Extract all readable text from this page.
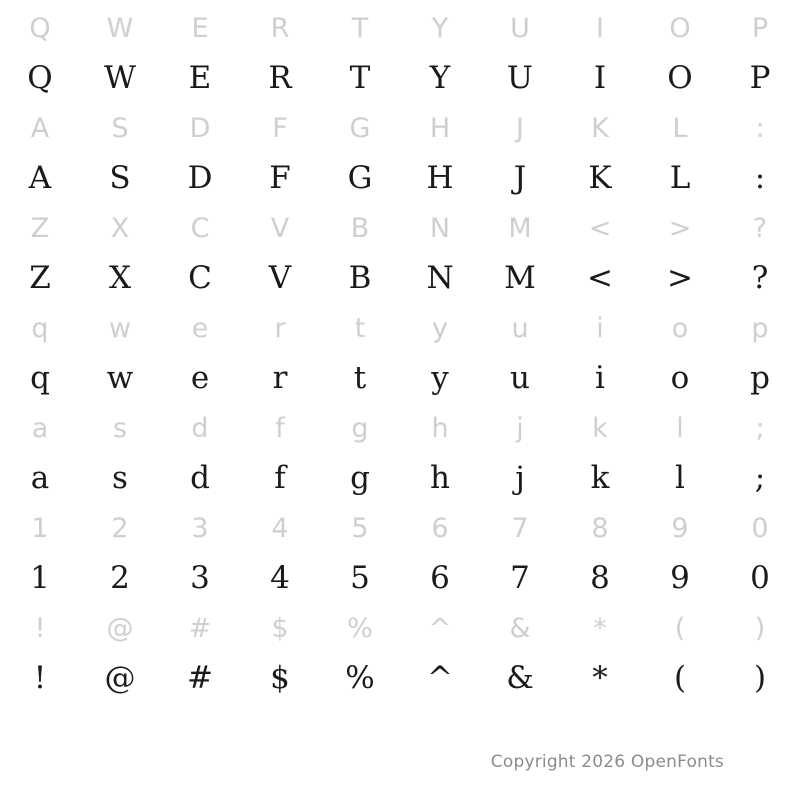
Q	W	E	R	T	Y	U	I	O	P
Q	W	E	R	T	Y	U	I	O	P
A	S	D	F	G	H	J	K	L	:
A	S	D	F	G	H	J	K	L	:
Z	X	C	V	B	N	M	<	>	?
Z	X	C	V	B	N	M	<	>	?
q	w	e	r	t	y	u	i	o	p
q	w	e	r	t	y	u	i	o	p
a	s	d	f	g	h	j	k	l	;
a	s	d	f	g	h	j	k	l	;
1	2	3	4	5	6	7	8	9	0
1	2	3	4	5	6	7	8	9	0
!	@	#	$	%	^	&	*	(	)
!	@	#	$	%	^	&	*	(	)
Copyright 2026 OpenFonts
